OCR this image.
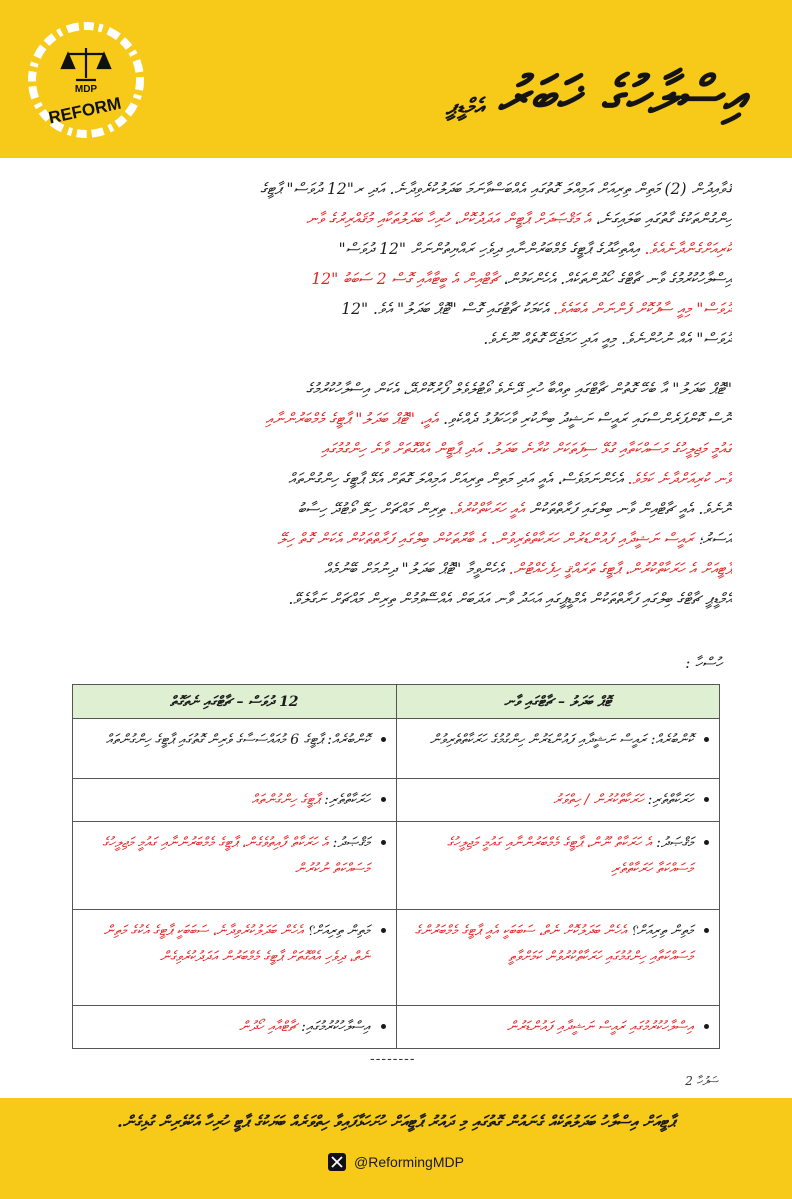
MDP
REFORM	އިސްލާހުގެ ޚަބަރު
އެމްޑީޕީ
ޤަވާއިދުން (2) މަތިން ތިރިއަށް އަމިއްލަ ގޮތުގައި އެއްބަސްވާނަމަ ބަދަލުކުރެވިދާނެ. އަދި ރ"12 ދުވަސް" ޕާޓީގެ
ހިންގުންތަކުގެ ގާތުގައި ބަލައިގަނެ، އެ މަޤްޞަދަށް ޕާޓީން އަދަދުކޮށް، ހުރިހާ ބަދަލުތަކާއި މުޤައްރިރުގެ ވާނ
ކުރިއަށްގެންދާނެއެވެ. އިއްތިހާދުގެ ޕާޓީގެ މެމްބަރުންނާއި ދިވެހި ރައްޔިތުންނަށް "12 ދުވަސް"
އިސްލާހުކުރުމުގެ ވާނ ޗާޓްގެ ހޯދުންތަކެއް. އެހެންކަމުން، ޗާޓްއިން އެ ބީޓާއާއި ގޮސް 2 ސަބަބު "12
ދުވަސް" މިއީ ސާފުކޮށް ފެންނަން އެބައެވެ. އެކަމަކު ޗާޓުގައި ގޮސް "ޓޮޕް ބަދަލު" އެވެ. "12
ދުވަސް" އެއް ނުހުންނެވެ. މިއީ އަދި ހަމަޖެހޭ ގޮތެއް ނޫނެވެ.
"ޓޮޕް ބަދަލު" އާ ބެހޭ ގޮތުން ޗާޓްގައި ތިއްބާ ހުރި ދޭނެވެ ވޯޓުލެވެލް ފޯރުކޮށްދޭ، އެކަން އިސްލާހުކުރުމުގެ
ނޫސް ކޮންފަރެންސްގައި ރައީސް ނަޝީދު ބިނާކުރި ވާހަކަފުޅު ދެއްކެވި. އެއީ، "ޓޮޕް ބަދަލު" ޕާޓީގެ މެމްބަރުންނާއި
ގައުމީ މަޖިލީހުގެ މަސައްކަތާއި ގުޅޭ ސިފަތަކަށް ކުރާނެ ބަދަލު. އަދި ޕާޓީން އެއްގޮތަށް ވާނެ ހިންގުމުގައި
ވާނ ކުރިއަށްދާނެ ކަމެވެ. އެހެންނަމަވެސް، އެއީ އަދި މަތިން ތިރިއަށް އަމިއްލަ ގޮތަށް އެޅޭ ޕާޓީގެ ހިންގުންތައް
ނޫނެވެ. އެއީ ޗާޓްއިން ވާނ ބިލްގައި ފަރާތްތަކުން އެއީ ހަރަކާތްކުރުވެ. ތިރިން މައްޗަށް ހިލޭ ވޯޓުދޭ ހިސާބު
އަސަރު؛ ރައީސް ނަޝީދާއި ފައުންޑަރުން ހަރަކާތްތެރިވުން. އެ ބާރުތަކުން ބިލްގައި ފަރާތްތަކުން އެކަން ގޮތް ހިލޭ
ޕާޓީއަށް އެ ހަރަކާތްކުރުން، ޕާޓީގެ ތަރައްޤީ ހިފެހެއްޓުން. އެހެންވީމާ "ޓޮޕް ބަދަލު" ދިނުމަށް ބޭނުމެއް
އެމްޑީޕީ ޗާޓްގެ ބިލްގައި ފަރާތްތަކުން އެމްޑީޕީގައި އަޙަދު ވާނ އަދަބަށް އެއްސޭވުމުން ތިރިން މައްޗަށް ނަގާލެވޭ.
ހުސްހާ :
ޓޮޕް ބަދަލު – ޗާޓްގައި ވާނ	12 ދުވަސް – ޗާޓްގައި ނެތަގޮތް

ކޮންބުރެއް: ރައީސް ނަޝީދާއި ފައުންޑަރުން ހިންގުމުގެ ހަރަކާތްތެރިވުން	ކޮންބުރެއް: ޕާޓީގެ 6 މުއައްސަސާގެ ވެރިން ގޮތުގައި ޕާޓީގެ ހިންގުންތައް

ހަރަކާތްތެރި: ހަރަކާތްކުރުން / ހިތްވަރު	ހަރަކާތްތެރި: ޕާޓީގެ ހިންގުންތައް

މަޤްޞަދު: އެ ހަރަކާތް ނޫން، ޕާޓީގެ މެމްބަރުންނާއި ގައުމީ މަޖިލީހުގެ މަސައްކަތާ ހަރަކާތްތެރި	މަޤްޞަދު: އެ ހަރަކާތް ފާއިތުވެގެން، ޕާޓީގެ މެމްބަރުންނާއި ގައުމީ މަޖިލީހުގެ މަސައްކަތް ނުކުރުން

މަތިން ތިރިއަށް؟ އެހެން ބަދަލުކޮށް ނެތް، ސަބަބަކީ އެއީ ޕާޓީގެ މެމްބަރުންގެ މަސައްކަތާއި ހިންގުމުގައި ހަރަކާތްކުރުވުން ކަމަށްވާތީ	މަތިން ތިރިއަށް؟ އެހެން ބަދަލުކުރެވިދާނެ، ސަބަބަކީ ޕާޓީގެ އެކުގެ މަތިން ނެތް، ދިވެހި އެއްގޮތަށް ޕާޓީގެ މެމްބަރުން އަދަދުކުރެވިގެން

އިސްލާހުކުރުމުގައި ރައީސް ނަޝީދާއި ފައުންޑަރުން	އިސްލާހުކުރުމުގައި: ޗާޓްއާއި ހޯދުން
--------
ސަފުހާ 2
ޕާޓީއަށް އިސްލާހު ބަދަލުތަކެއް ގެނައުން ގޮތުގައި މި ދައުރު ޕާޓީއަށް ހުށަހަޅާފައިވާ ހިތްވަރެއް ބަޔަކުގެ ޕާޓީ ހުރިހާ އެކުވެރިން ގުޅިގެން.
@ReformingMDP
